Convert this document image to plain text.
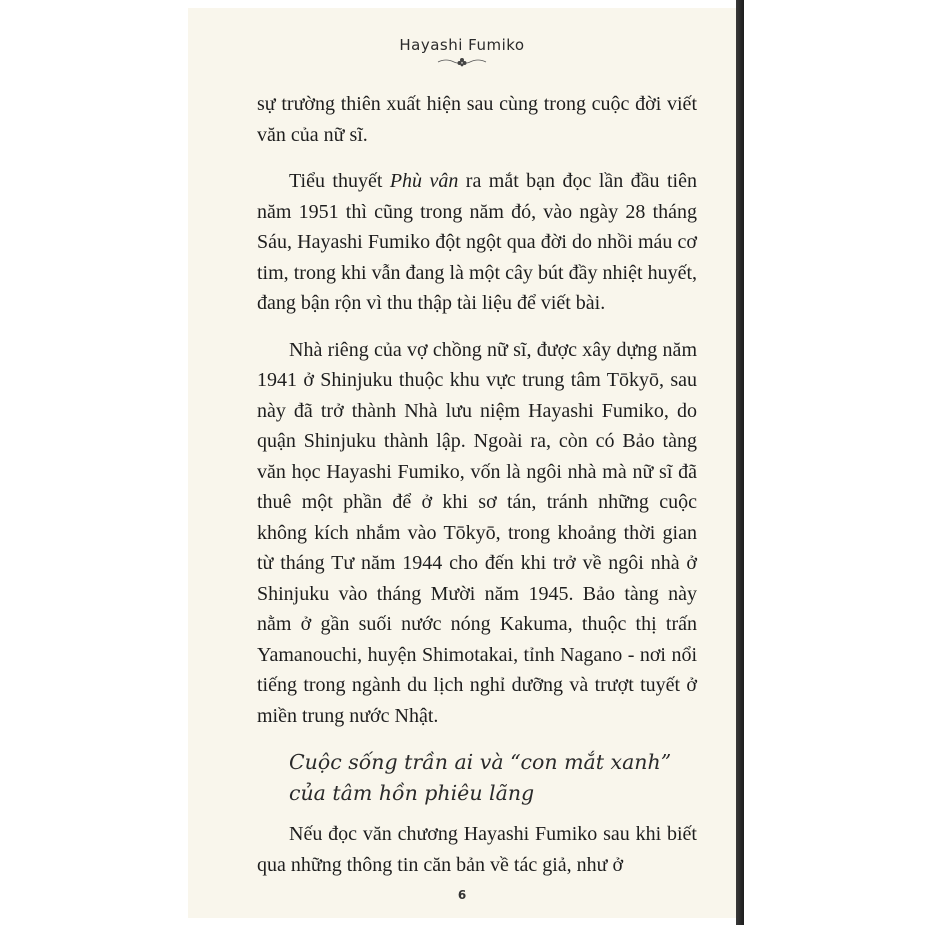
Hayashi Fumiko

sự trường thiên xuất hiện sau cùng trong cuộc đời viết văn của nữ sĩ.

Tiểu thuyết Phù vân ra mắt bạn đọc lần đầu tiên năm 1951 thì cũng trong năm đó, vào ngày 28 tháng Sáu, Hayashi Fumiko đột ngột qua đời do nhồi máu cơ tim, trong khi vẫn đang là một cây bút đầy nhiệt huyết, đang bận rộn vì thu thập tài liệu để viết bài.

Nhà riêng của vợ chồng nữ sĩ, được xây dựng năm 1941 ở Shinjuku thuộc khu vực trung tâm Tōkyō, sau này đã trở thành Nhà lưu niệm Hayashi Fumiko, do quận Shinjuku thành lập. Ngoài ra, còn có Bảo tàng văn học Hayashi Fumiko, vốn là ngôi nhà mà nữ sĩ đã thuê một phần để ở khi sơ tán, tránh những cuộc không kích nhắm vào Tōkyō, trong khoảng thời gian từ tháng Tư năm 1944 cho đến khi trở về ngôi nhà ở Shinjuku vào tháng Mười năm 1945. Bảo tàng này nằm ở gần suối nước nóng Kakuma, thuộc thị trấn Yamanouchi, huyện Shimotakai, tỉnh Nagano - nơi nổi tiếng trong ngành du lịch nghỉ dưỡng và trượt tuyết ở miền trung nước Nhật.

Cuộc sống trần ai và “con mắt xanh”
của tâm hồn phiêu lãng

Nếu đọc văn chương Hayashi Fumiko sau khi biết qua những thông tin căn bản về tác giả, như ở

6
